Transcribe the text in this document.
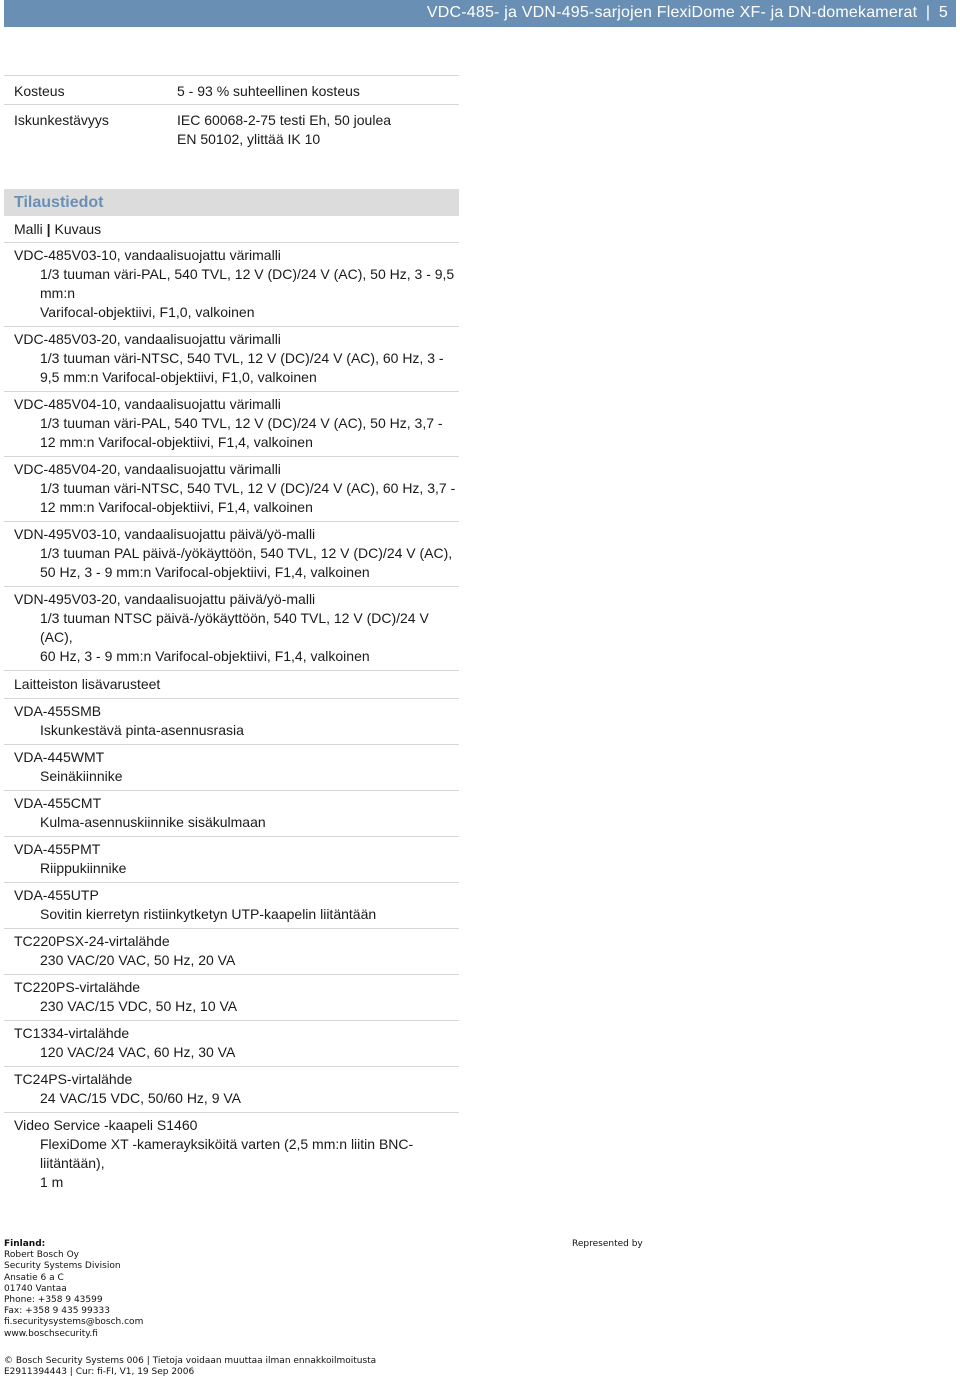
VDC-485- ja VDN-495-sarjojen FlexiDome XF- ja DN-domekamerat | 5
Kosteus	5 - 93 % suhteellinen kosteus
Iskunkestävyys	IEC 60068-2-75 testi Eh, 50 joulea
EN 50102, ylittää IK 10
Tilaustiedot
Malli | Kuvaus
VDC-485V03-10, vandaalisuojattu värimalli
1/3 tuuman väri-PAL, 540 TVL, 12 V (DC)/24 V (AC), 50 Hz, 3 - 9,5 mm:n
Varifocal-objektiivi, F1,0, valkoinen
VDC-485V03-20, vandaalisuojattu värimalli
1/3 tuuman väri-NTSC, 540 TVL, 12 V (DC)/24 V (AC), 60 Hz, 3 -
9,5 mm:n Varifocal-objektiivi, F1,0, valkoinen
VDC-485V04-10, vandaalisuojattu värimalli
1/3 tuuman väri-PAL, 540 TVL, 12 V (DC)/24 V (AC), 50 Hz, 3,7 -
12 mm:n Varifocal-objektiivi, F1,4, valkoinen
VDC-485V04-20, vandaalisuojattu värimalli
1/3 tuuman väri-NTSC, 540 TVL, 12 V (DC)/24 V (AC), 60 Hz, 3,7 -
12 mm:n Varifocal-objektiivi, F1,4, valkoinen
VDN-495V03-10, vandaalisuojattu päivä/yö-malli
1/3 tuuman PAL päivä-/yökäyttöön, 540 TVL, 12 V (DC)/24 V (AC),
50 Hz, 3 - 9 mm:n Varifocal-objektiivi, F1,4, valkoinen
VDN-495V03-20, vandaalisuojattu päivä/yö-malli
1/3 tuuman NTSC päivä-/yökäyttöön, 540 TVL, 12 V (DC)/24 V (AC),
60 Hz, 3 - 9 mm:n Varifocal-objektiivi, F1,4, valkoinen
Laitteiston lisävarusteet
VDA-455SMB
Iskunkestävä pinta-asennusrasia
VDA-445WMT
Seinäkiinnike
VDA-455CMT
Kulma-asennuskiinnike sisäkulmaan
VDA-455PMT
Riippukiinnike
VDA-455UTP
Sovitin kierretyn ristiinkytketyn UTP-kaapelin liitäntään
TC220PSX-24-virtalähde
230 VAC/20 VAC, 50 Hz, 20 VA
TC220PS-virtalähde
230 VAC/15 VDC, 50 Hz, 10 VA
TC1334-virtalähde
120 VAC/24 VAC, 60 Hz, 30 VA
TC24PS-virtalähde
24 VAC/15 VDC, 50/60 Hz, 9 VA
Video Service -kaapeli S1460
FlexiDome XT -kamerayksiköitä varten (2,5 mm:n liitin BNC-liitäntään),
1 m
Finland:
Robert Bosch Oy
Security Systems Division
Ansatie 6 a C
01740 Vantaa
Phone: +358 9 43599
Fax: +358 9 435 99333
fi.securitysystems@bosch.com
www.boschsecurity.fi
Represented by
© Bosch Security Systems 006 | Tietoja voidaan muuttaa ilman ennakkoilmoitusta
E2911394443 | Cur: fi-FI, V1, 19 Sep 2006
